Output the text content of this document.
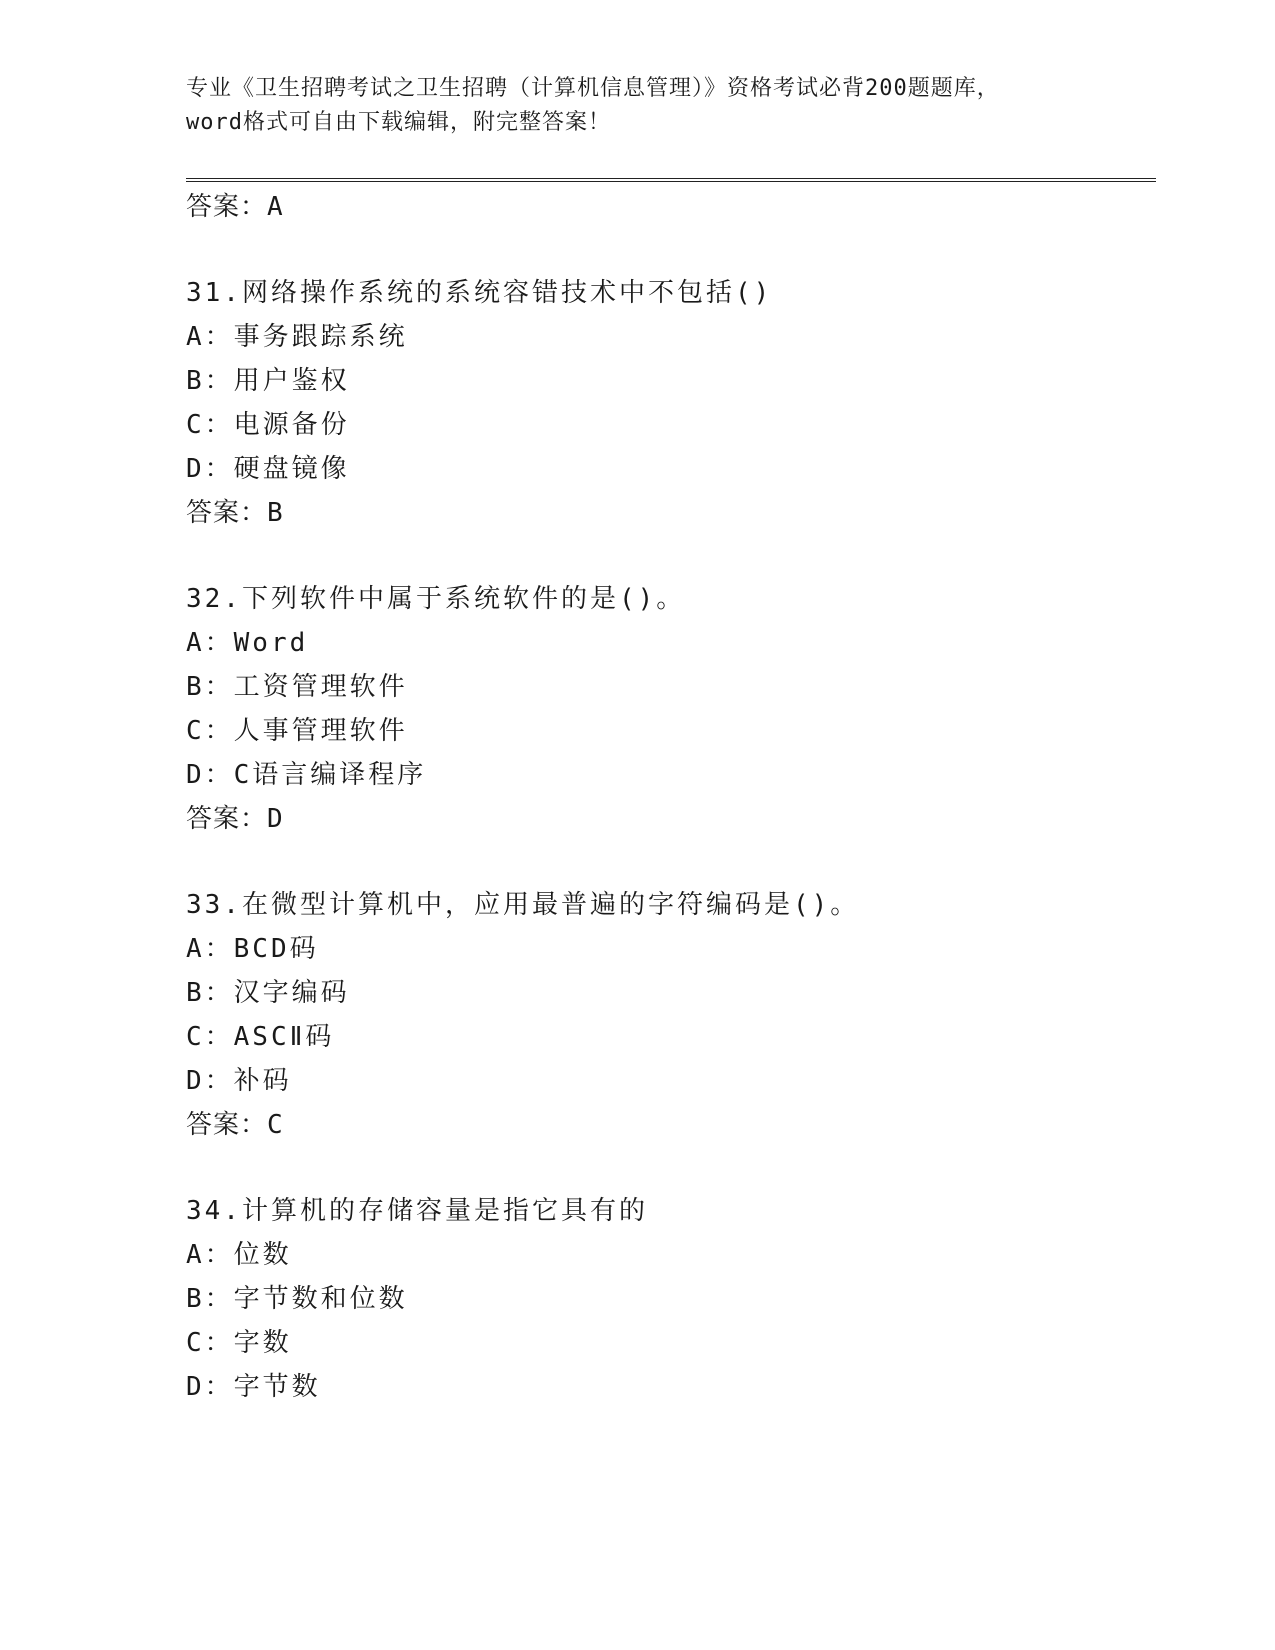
专业《卫生招聘考试之卫生招聘（计算机信息管理）》资格考试必背200题题库，
word格式可自由下载编辑，附完整答案！
答案：A
31.网络操作系统的系统容错技术中不包括()
A：事务跟踪系统
B：用户鉴权
C：电源备份
D：硬盘镜像
答案：B
32.下列软件中属于系统软件的是()。
A：Word
B：工资管理软件
C：人事管理软件
D：C语言编译程序
答案：D
33.在微型计算机中，应用最普遍的字符编码是()。
A：BCD码
B：汉字编码
C：ASCⅡ码
D：补码
答案：C
34.计算机的存储容量是指它具有的
A：位数
B：字节数和位数
C：字数
D：字节数
